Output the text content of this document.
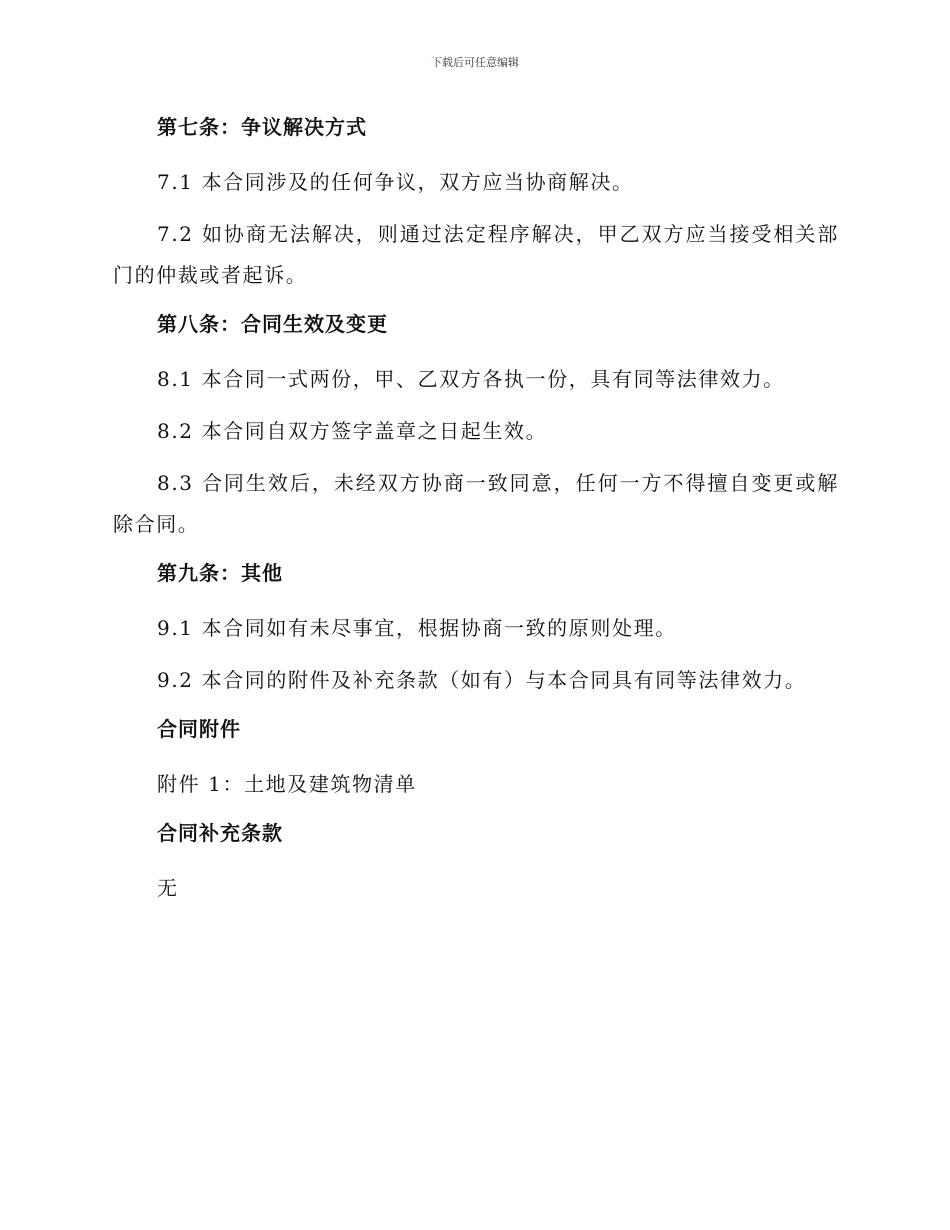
下载后可任意编辑
第七条：争议解决方式
7.1 本合同涉及的任何争议，双方应当协商解决。
7.2 如协商无法解决，则通过法定程序解决，甲乙双方应当接受相关部门的仲裁或者起诉。
第八条：合同生效及变更
8.1 本合同一式两份，甲、乙双方各执一份，具有同等法律效力。
8.2 本合同自双方签字盖章之日起生效。
8.3 合同生效后，未经双方协商一致同意，任何一方不得擅自变更或解除合同。
第九条：其他
9.1 本合同如有未尽事宜，根据协商一致的原则处理。
9.2 本合同的附件及补充条款（如有）与本合同具有同等法律效力。
合同附件
附件 1：土地及建筑物清单
合同补充条款
无
